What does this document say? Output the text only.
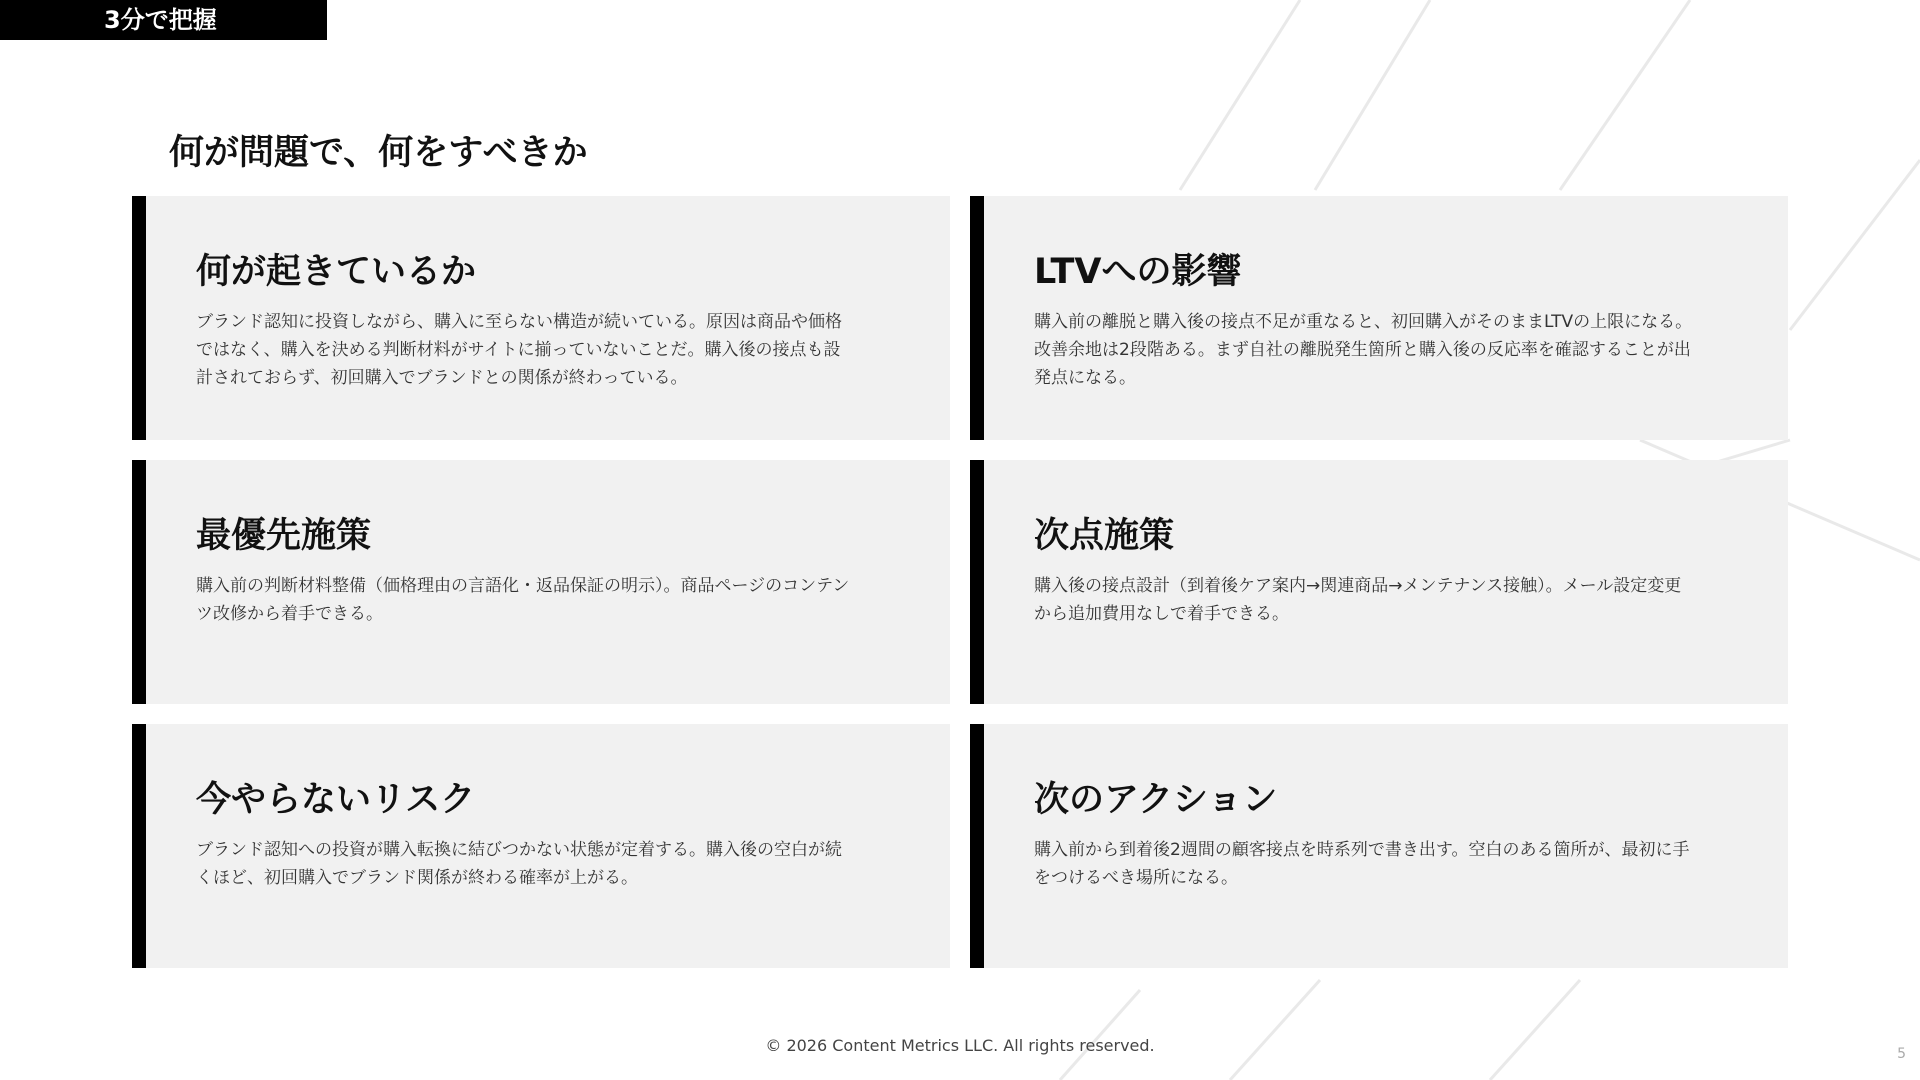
3分で把握
何が問題で、何をすべきか
何が起きているか

ブランド認知に投資しながら、購入に至らない構造が続いている。原因は商品や価格ではなく、購入を決める判断材料がサイトに揃っていないことだ。購入後の接点も設計されておらず、初回購入でブランドとの関係が終わっている。

LTVへの影響

購入前の離脱と購入後の接点不足が重なると、初回購入がそのままLTVの上限になる。改善余地は2段階ある。まず自社の離脱発生箇所と購入後の反応率を確認することが出発点になる。

最優先施策

購入前の判断材料整備（価格理由の言語化・返品保証の明示）。商品ページのコンテンツ改修から着手できる。

次点施策

購入後の接点設計（到着後ケア案内→関連商品→メンテナンス接触）。メール設定変更から追加費用なしで着手できる。

今やらないリスク

ブランド認知への投資が購入転換に結びつかない状態が定着する。購入後の空白が続くほど、初回購入でブランド関係が終わる確率が上がる。

次のアクション

購入前から到着後2週間の顧客接点を時系列で書き出す。空白のある箇所が、最初に手をつけるべき場所になる。

© 2026 Content Metrics LLC. All rights reserved.	5
